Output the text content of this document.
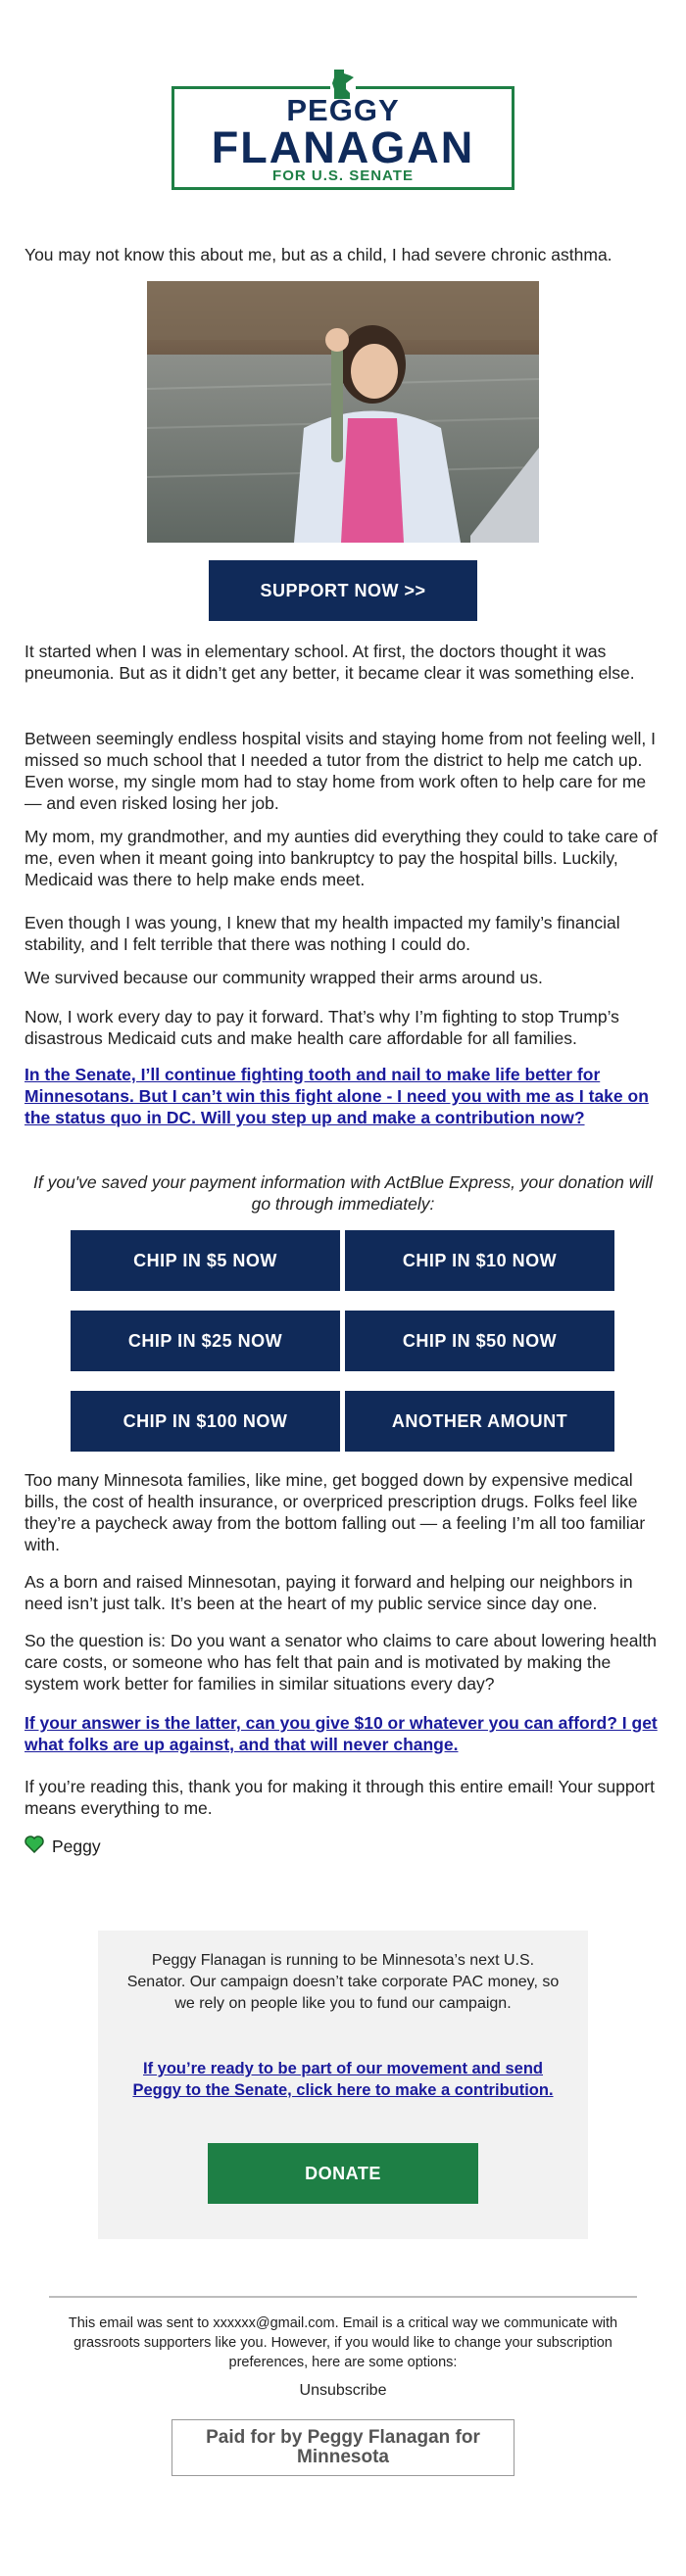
PEGGY
FLANAGAN
FOR U.S. SENATE
You may not know this about me, but as a child, I had severe chronic asthma.
SUPPORT NOW >>
It started when I was in elementary school. At first, the doctors thought it was pneumonia. But as it didn’t get any better, it became clear it was something else.
Between seemingly endless hospital visits and staying home from not feeling well, I missed so much school that I needed a tutor from the district to help me catch up. Even worse, my single mom had to stay home from work often to help care for me — and even risked losing her job.
My mom, my grandmother, and my aunties did everything they could to take care of me, even when it meant going into bankruptcy to pay the hospital bills. Luckily, Medicaid was there to help make ends meet.
Even though I was young, I knew that my health impacted my family’s financial stability, and I felt terrible that there was nothing I could do.
We survived because our community wrapped their arms around us.
Now, I work every day to pay it forward. That’s why I’m fighting to stop Trump’s disastrous Medicaid cuts and make health care affordable for all families.
In the Senate, I’ll continue fighting tooth and nail to make life better for Minnesotans. But I can’t win this fight alone - I need you with me as I take on the status quo in DC. Will you step up and make a contribution now?
If you've saved your payment information with ActBlue Express, your donation will go through immediately:
CHIP IN $5 NOW	CHIP IN $10 NOW
CHIP IN $25 NOW	CHIP IN $50 NOW
CHIP IN $100 NOW	ANOTHER AMOUNT
Too many Minnesota families, like mine, get bogged down by expensive medical bills, the cost of health insurance, or overpriced prescription drugs. Folks feel like they’re a paycheck away from the bottom falling out — a feeling I’m all too familiar with.
As a born and raised Minnesotan, paying it forward and helping our neighbors in need isn’t just talk. It’s been at the heart of my public service since day one.
So the question is: Do you want a senator who claims to care about lowering health care costs, or someone who has felt that pain and is motivated by making the system work better for families in similar situations every day?
If your answer is the latter, can you give $10 or whatever you can afford? I get what folks are up against, and that will never change.
If you’re reading this, thank you for making it through this entire email! Your support means everything to me.
Peggy
Peggy Flanagan is running to be Minnesota’s next U.S. Senator. Our campaign doesn’t take corporate PAC money, so we rely on people like you to fund our campaign.
If you’re ready to be part of our movement and send Peggy to the Senate, click here to make a contribution.
DONATE
This email was sent to xxxxxx@gmail.com. Email is a critical way we communicate with grassroots supporters like you. However, if you would like to change your subscription preferences, here are some options:
Unsubscribe
Paid for by Peggy Flanagan for Minnesota
